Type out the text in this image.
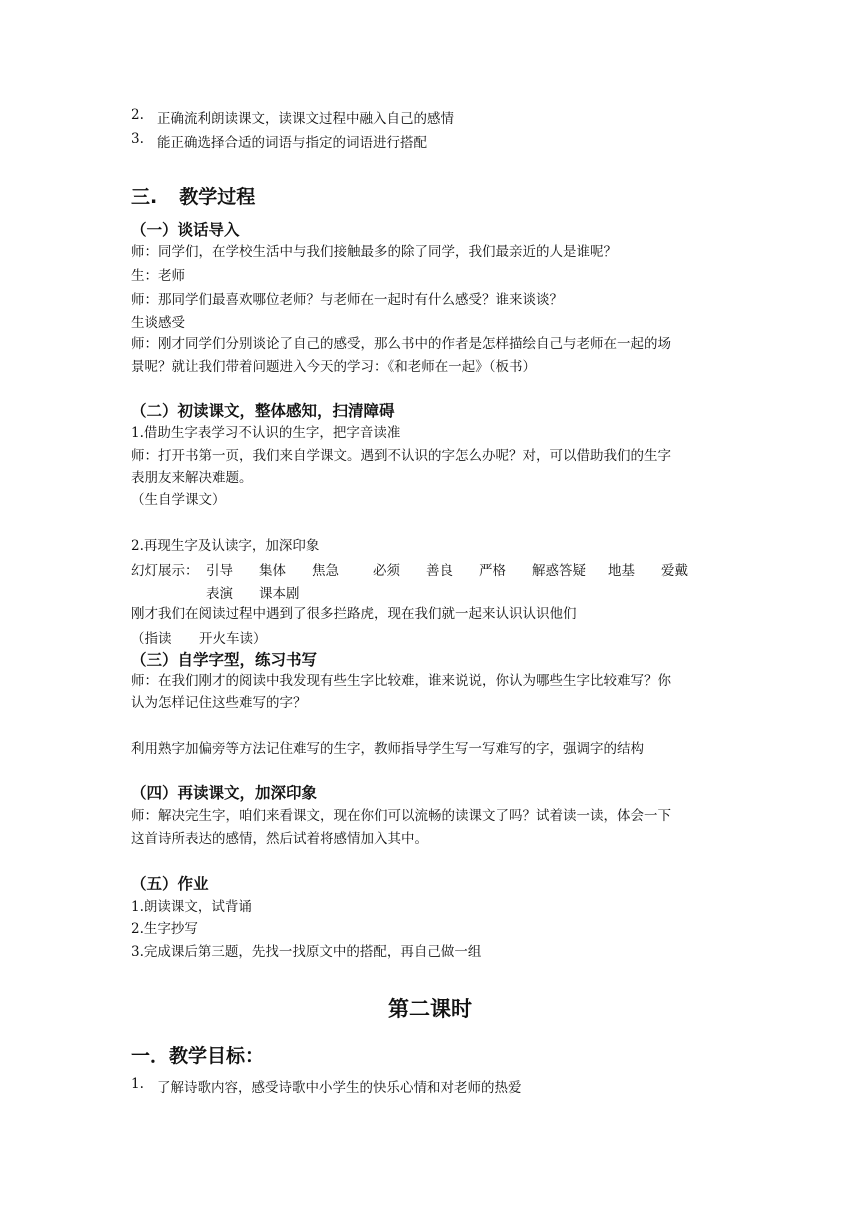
2. 正确流利朗读课文，读课文过程中融入自己的感情
3. 能正确选择合适的词语与指定的词语进行搭配
三. 教学过程
（一）谈话导入
师：同学们，在学校生活中与我们接触最多的除了同学，我们最亲近的人是谁呢？
生：老师
师：那同学们最喜欢哪位老师？与老师在一起时有什么感受？谁来谈谈？
生谈感受
师：刚才同学们分别谈论了自己的感受，那么书中的作者是怎样描绘自己与老师在一起的场
景呢？就让我们带着问题进入今天的学习：《和老师在一起》（板书）
（二）初读课文，整体感知，扫清障碍
1.借助生字表学习不认识的生字，把字音读准
师：打开书第一页，我们来自学课文。遇到不认识的字怎么办呢？对，可以借助我们的生字
表朋友来解决难题。
（生自学课文）
2.再现生字及认读字，加深印象
幻灯展示： 引导 集体 焦急	必须 善良 严格 解惑答疑 地基 爱戴
表演 课本剧
刚才我们在阅读过程中遇到了很多拦路虎，现在我们就一起来认识认识他们
（指读 开火车读）
（三）自学字型，练习书写
师：在我们刚才的阅读中我发现有些生字比较难，谁来说说，你认为哪些生字比较难写？你
认为怎样记住这些难写的字？
利用熟字加偏旁等方法记住难写的生字，教师指导学生写一写难写的字，强调字的结构
（四）再读课文，加深印象
师：解决完生字，咱们来看课文，现在你们可以流畅的读课文了吗？试着读一读，体会一下
这首诗所表达的感情，然后试着将感情加入其中。
（五）作业
1.朗读课文，试背诵
2.生字抄写
3.完成课后第三题，先找一找原文中的搭配，再自己做一组
第二课时
一．教学目标：
1. 了解诗歌内容，感受诗歌中小学生的快乐心情和对老师的热爱
